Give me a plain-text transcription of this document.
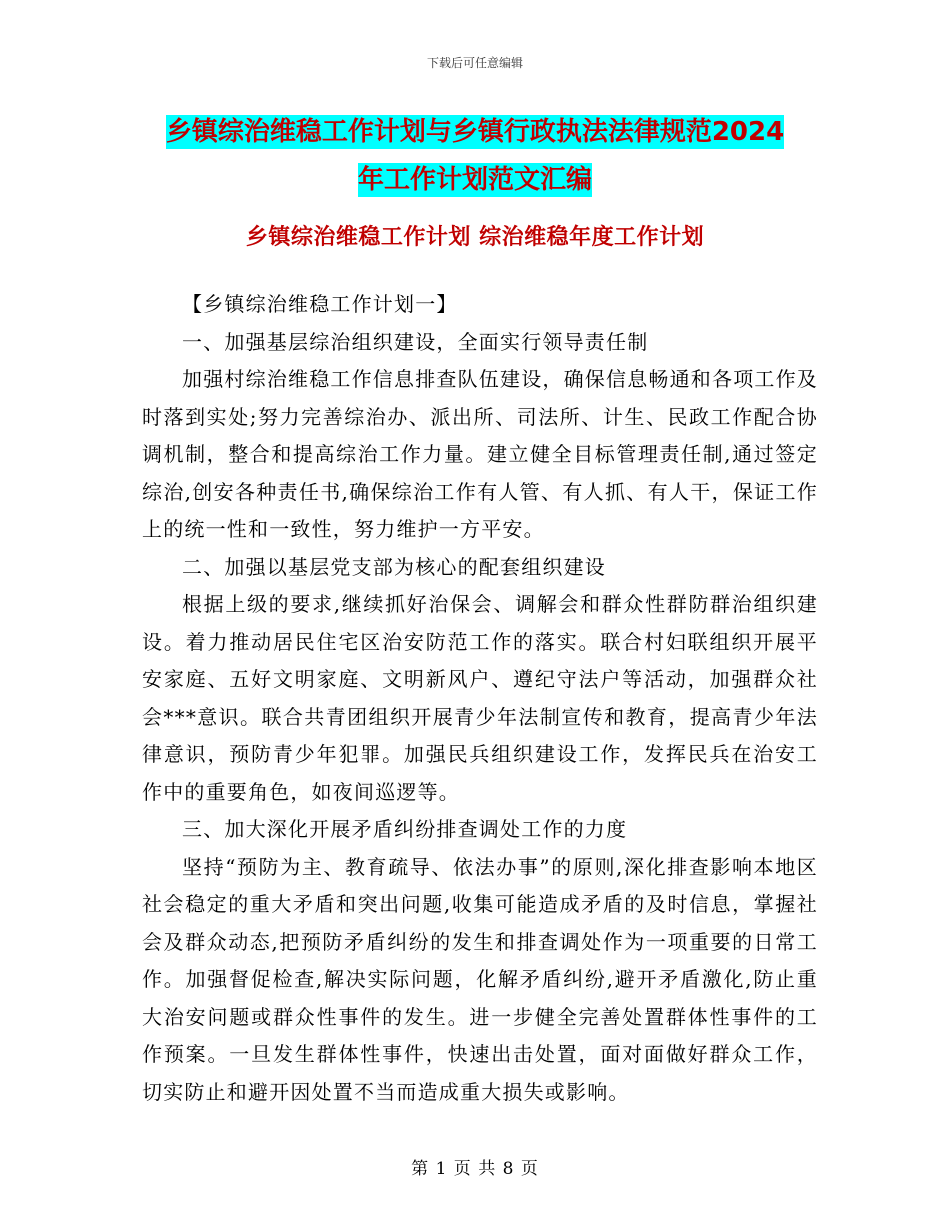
下载后可任意编辑
乡镇综治维稳工作计划与乡镇行政执法法律规范2024
年工作计划范文汇编
乡镇综治维稳工作计划 综治维稳年度工作计划

【乡镇综治维稳工作计划一】

一、加强基层综治组织建设，全面实行领导责任制

加强村综治维稳工作信息排查队伍建设，确保信息畅通和各项工作及时落到实处;努力完善综治办、派出所、司法所、计生、民政工作配合协调机制，整合和提高综治工作力量。建立健全目标管理责任制,通过签定综治,创安各种责任书,确保综治工作有人管、有人抓、有人干，保证工作上的统一性和一致性，努力维护一方平安。

二、加强以基层党支部为核心的配套组织建设

根据上级的要求,继续抓好治保会、调解会和群众性群防群治组织建设。着力推动居民住宅区治安防范工作的落实。联合村妇联组织开展平安家庭、五好文明家庭、文明新风户、遵纪守法户等活动，加强群众社会***意识。联合共青团组织开展青少年法制宣传和教育，提高青少年法律意识，预防青少年犯罪。加强民兵组织建设工作，发挥民兵在治安工作中的重要角色，如夜间巡逻等。

三、加大深化开展矛盾纠纷排查调处工作的力度

坚持“预防为主、教育疏导、依法办事”的原则,深化排查影响本地区社会稳定的重大矛盾和突出问题,收集可能造成矛盾的及时信息，掌握社会及群众动态,把预防矛盾纠纷的发生和排查调处作为一项重要的日常工作。加强督促检查,解决实际问题，化解矛盾纠纷,避开矛盾激化,防止重大治安问题或群众性事件的发生。进一步健全完善处置群体性事件的工作预案。一旦发生群体性事件，快速出击处置，面对面做好群众工作，切实防止和避开因处置不当而造成重大损失或影响。

第 1 页 共 8 页
